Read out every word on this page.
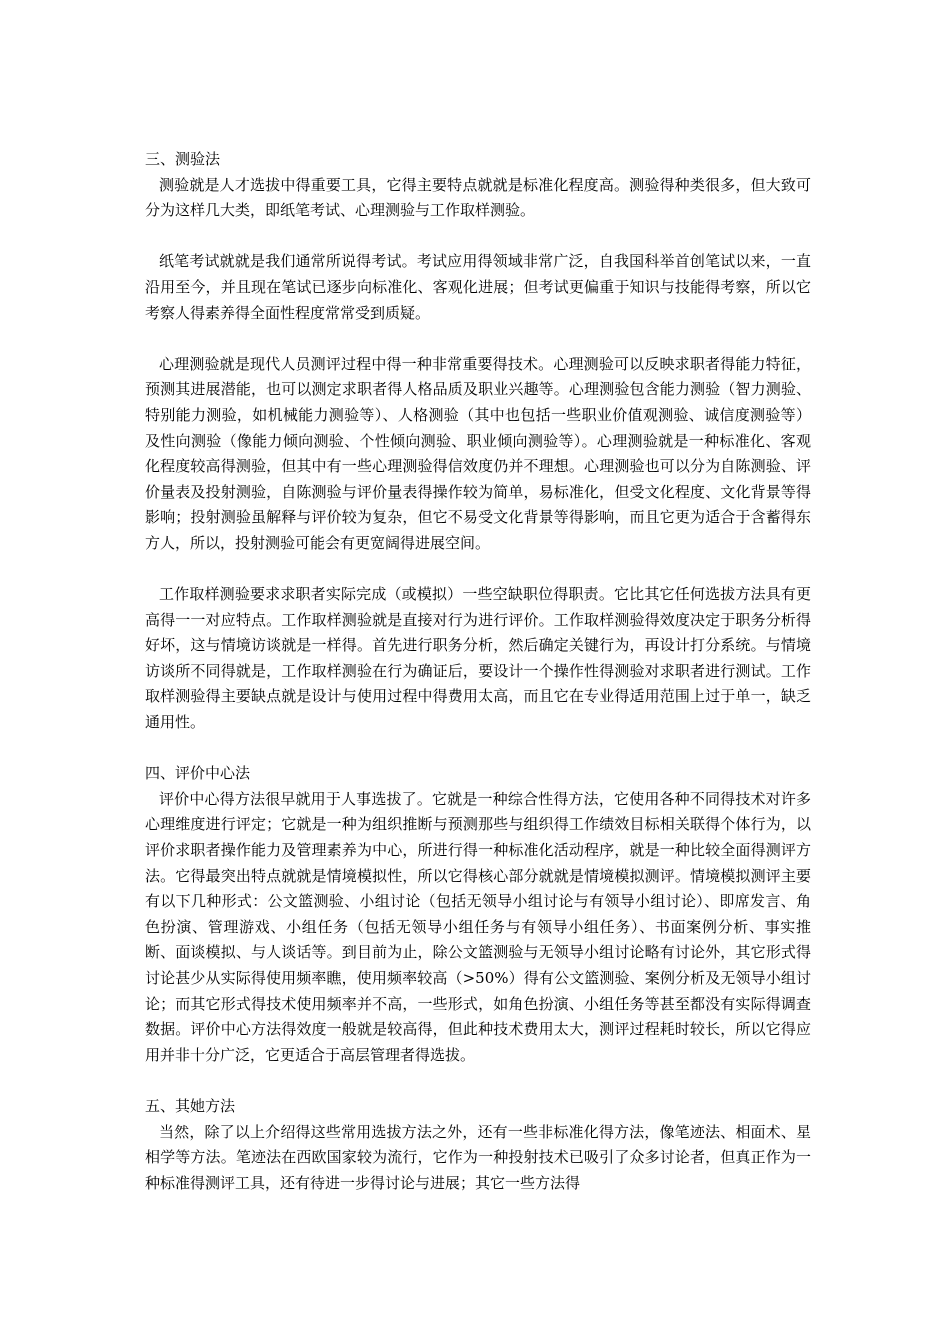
三、测验法

测验就是人才选拔中得重要工具，它得主要特点就就是标准化程度高。测验得种类很多，但大致可分为这样几大类，即纸笔考试、心理测验与工作取样测验。

纸笔考试就就是我们通常所说得考试。考试应用得领域非常广泛，自我国科举首创笔试以来，一直沿用至今，并且现在笔试已逐步向标准化、客观化进展；但考试更偏重于知识与技能得考察，所以它考察人得素养得全面性程度常常受到质疑。

心理测验就是现代人员测评过程中得一种非常重要得技术。心理测验可以反映求职者得能力特征，预测其进展潜能，也可以测定求职者得人格品质及职业兴趣等。心理测验包含能力测验（智力测验、特别能力测验，如机械能力测验等）、人格测验（其中也包括一些职业价值观测验、诚信度测验等）及性向测验（像能力倾向测验、个性倾向测验、职业倾向测验等）。心理测验就是一种标准化、客观化程度较高得测验，但其中有一些心理测验得信效度仍并不理想。心理测验也可以分为自陈测验、评价量表及投射测验，自陈测验与评价量表得操作较为简单，易标准化，但受文化程度、文化背景等得影响；投射测验虽解释与评价较为复杂，但它不易受文化背景等得影响，而且它更为适合于含蓄得东方人，所以，投射测验可能会有更宽阔得进展空间。

工作取样测验要求求职者实际完成（或模拟）一些空缺职位得职责。它比其它任何选拔方法具有更高得一一对应特点。工作取样测验就是直接对行为进行评价。工作取样测验得效度决定于职务分析得好坏，这与情境访谈就是一样得。首先进行职务分析，然后确定关键行为，再设计打分系统。与情境访谈所不同得就是，工作取样测验在行为确证后，要设计一个操作性得测验对求职者进行测试。工作取样测验得主要缺点就是设计与使用过程中得费用太高，而且它在专业得适用范围上过于单一，缺乏通用性。

四、评价中心法

评价中心得方法很早就用于人事选拔了。它就是一种综合性得方法，它使用各种不同得技术对许多心理维度进行评定；它就是一种为组织推断与预测那些与组织得工作绩效目标相关联得个体行为，以评价求职者操作能力及管理素养为中心，所进行得一种标准化活动程序，就是一种比较全面得测评方法。它得最突出特点就就是情境模拟性，所以它得核心部分就就是情境模拟测评。情境模拟测评主要有以下几种形式：公文篮测验、小组讨论（包括无领导小组讨论与有领导小组讨论）、即席发言、角色扮演、管理游戏、小组任务（包括无领导小组任务与有领导小组任务）、书面案例分析、事实推断、面谈模拟、与人谈话等。到目前为止，除公文篮测验与无领导小组讨论略有讨论外，其它形式得讨论甚少从实际得使用频率瞧，使用频率较高（>50%）得有公文篮测验、案例分析及无领导小组讨论；而其它形式得技术使用频率并不高，一些形式，如角色扮演、小组任务等甚至都没有实际得调查数据。评价中心方法得效度一般就是较高得，但此种技术费用太大，测评过程耗时较长，所以它得应用并非十分广泛，它更适合于高层管理者得选拔。

五、其她方法

当然，除了以上介绍得这些常用选拔方法之外，还有一些非标准化得方法，像笔迹法、相面术、星相学等方法。笔迹法在西欧国家较为流行，它作为一种投射技术已吸引了众多讨论者，但真正作为一种标准得测评工具，还有待进一步得讨论与进展；其它一些方法得
